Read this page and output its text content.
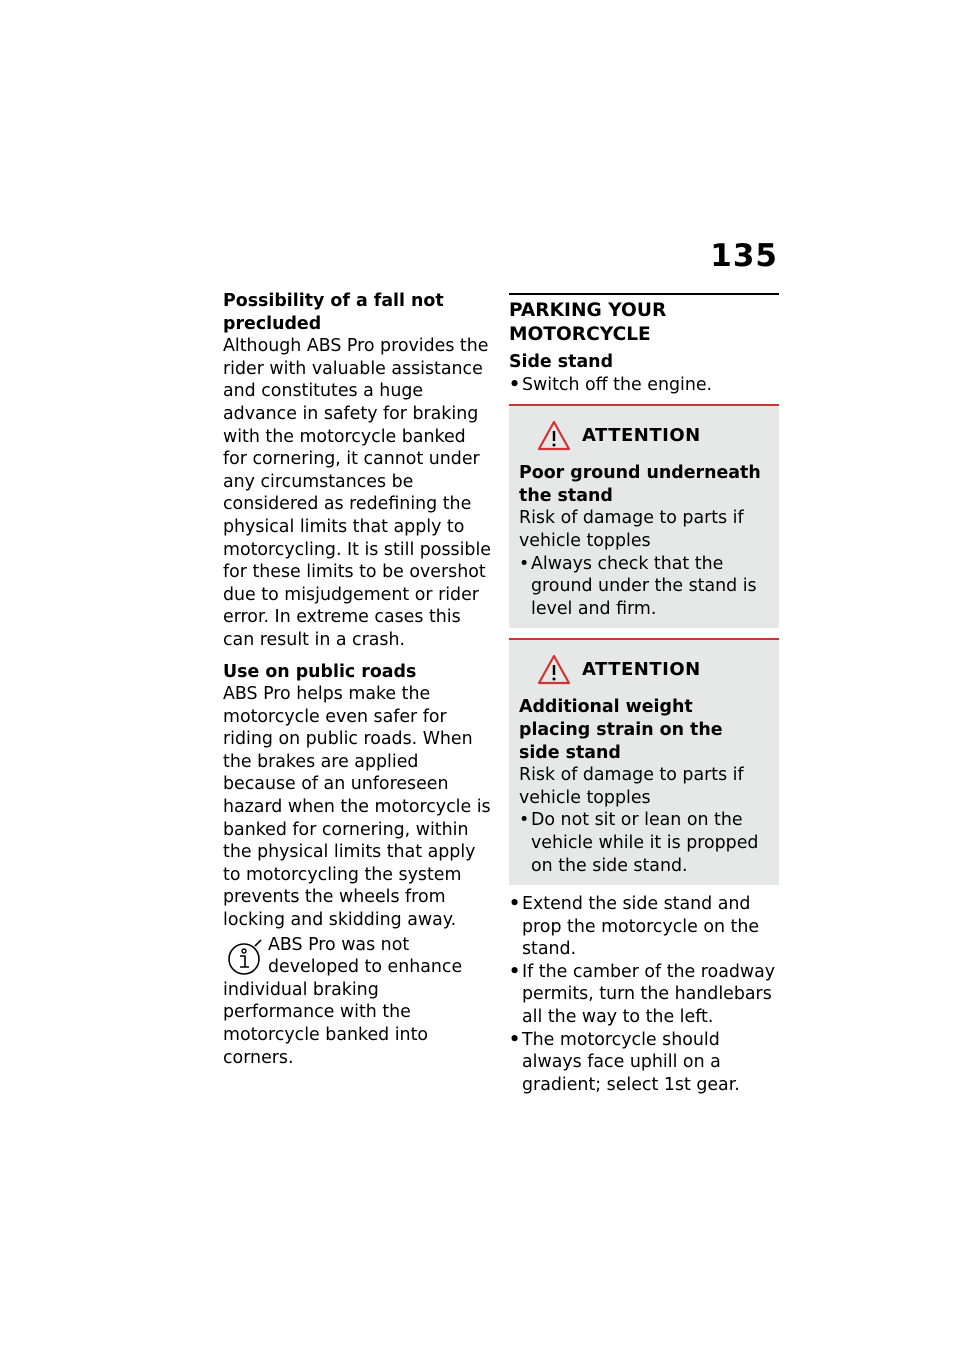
135

Possibility of a fall not precluded

Although ABS Pro provides the rider with valuable assistance and constitutes a huge advance in safety for braking with the motorcycle banked for cornering, it cannot under any circumstances be considered as redefining the physical limits that apply to motorcycling. It is still possible for these limits to be overshot due to misjudgement or rider error. In extreme cases this can result in a crash.

Use on public roads

ABS Pro helps make the motorcycle even safer for riding on public roads. When the brakes are applied because of an unforeseen hazard when the motorcycle is banked for cornering, within the physical limits that apply to motorcycling the system prevents the wheels from locking and skidding away.

ABS Pro was not

developed to enhance

individual braking performance with the motorcycle banked into corners.

PARKING YOUR MOTORCYCLE

Side stand

• Switch off the engine.
ATTENTION

Poor ground underneath the stand

Risk of damage to parts if vehicle topples

• Always check that the ground under the stand is level and firm.
ATTENTION

Additional weight placing strain on the side stand

Risk of damage to parts if vehicle topples

• Do not sit or lean on the vehicle while it is propped on the side stand.
• Extend the side stand and prop the motorcycle on the stand.
• If the camber of the roadway permits, turn the handlebars all the way to the left.
• The motorcycle should always face uphill on a gradient; select 1st gear.
